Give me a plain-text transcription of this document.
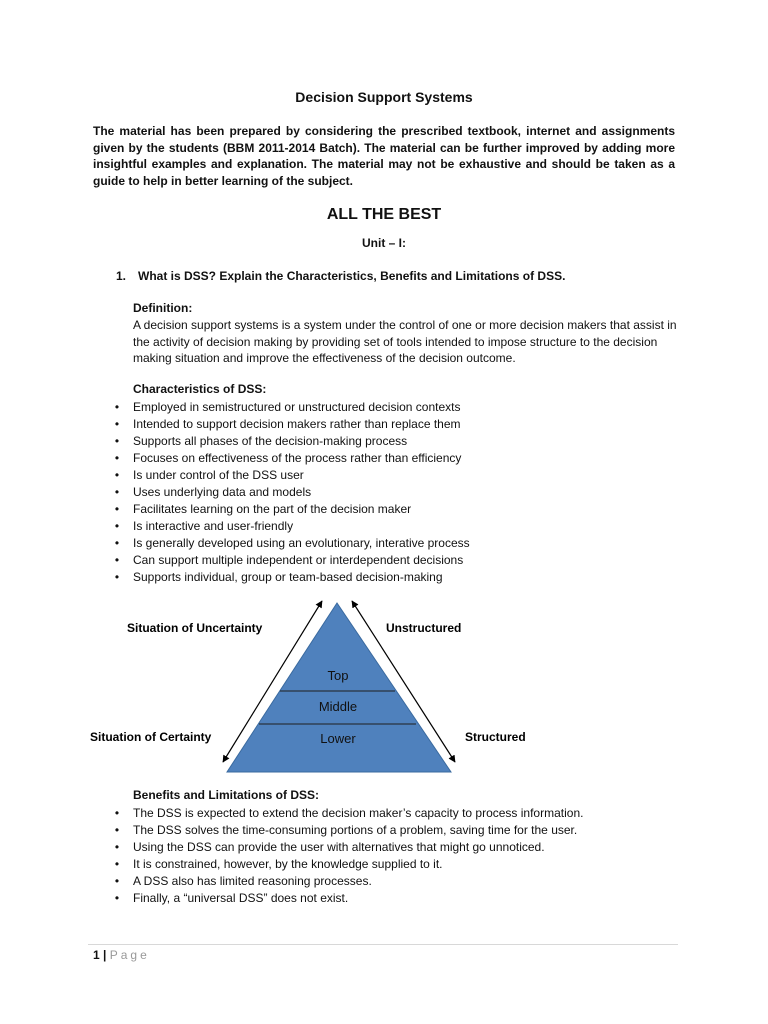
Decision Support Systems

The material has been prepared by considering the prescribed textbook, internet and assignments given by the students (BBM 2011-2014 Batch). The material can be further improved by adding more insightful examples and explanation. The material may not be exhaustive and should be taken as a guide to help in better learning of the subject.

ALL THE BEST
Unit – I:
1. What is DSS? Explain the Characteristics, Benefits and Limitations of DSS.
Definition:

A decision support systems is a system under the control of one or more decision makers that assist in the activity of decision making by providing set of tools intended to impose structure to the decision making situation and improve the effectiveness of the decision outcome.

Characteristics of DSS:
•	Employed in semistructured or unstructured decision contexts
•	Intended to support decision makers rather than replace them
•	Supports all phases of the decision-making process
•	Focuses on effectiveness of the process rather than efficiency
•	Is under control of the DSS user
•	Uses underlying data and models
•	Facilitates learning on the part of the decision maker
•	Is interactive and user-friendly
•	Is generally developed using an evolutionary, interative process
•	Can support multiple independent or interdependent decisions
•	Supports individual, group or team-based decision-making
Top
Middle
Lower
Situation of Uncertainty	Unstructured
Situation of Certainty	Structured
Benefits and Limitations of DSS:
•	The DSS is expected to extend the decision maker’s capacity to process information.
•	The DSS solves the time-consuming portions of a problem, saving time for the user.
•	Using the DSS can provide the user with alternatives that might go unnoticed.
•	It is constrained, however, by the knowledge supplied to it.
•	A DSS also has limited reasoning processes.
•	Finally, a “universal DSS” does not exist.
1 | Page
